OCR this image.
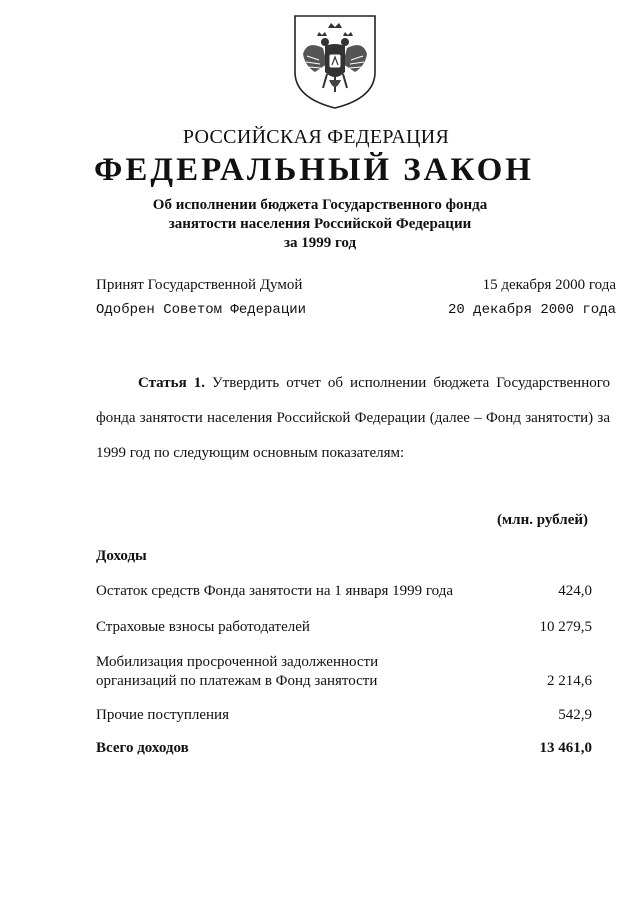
РОССИЙСКАЯ ФЕДЕРАЦИЯ
ФЕДЕРАЛЬНЫЙ ЗАКОН
Об исполнении бюджета Государственного фонда
занятости населения Российской Федерации
за 1999 год
Принят Государственной Думой	15 декабря 2000 года
Одобрен Советом Федерации	20 декабря 2000 года

Статья 1. Утвердить отчет об исполнении бюджета Государственного фонда занятости населения Российской Федерации (далее – Фонд занятости) за 1999 год по следующим основным показателям:

(млн. рублей)
Доходы
Остаток средств Фонда занятости на 1 января 1999 года	424,0
Страховые взносы работодателей	10 279,5
Мобилизация просроченной задолженности организаций по платежам в Фонд занятости	2 214,6
Прочие поступления	542,9
Всего доходов	13 461,0
